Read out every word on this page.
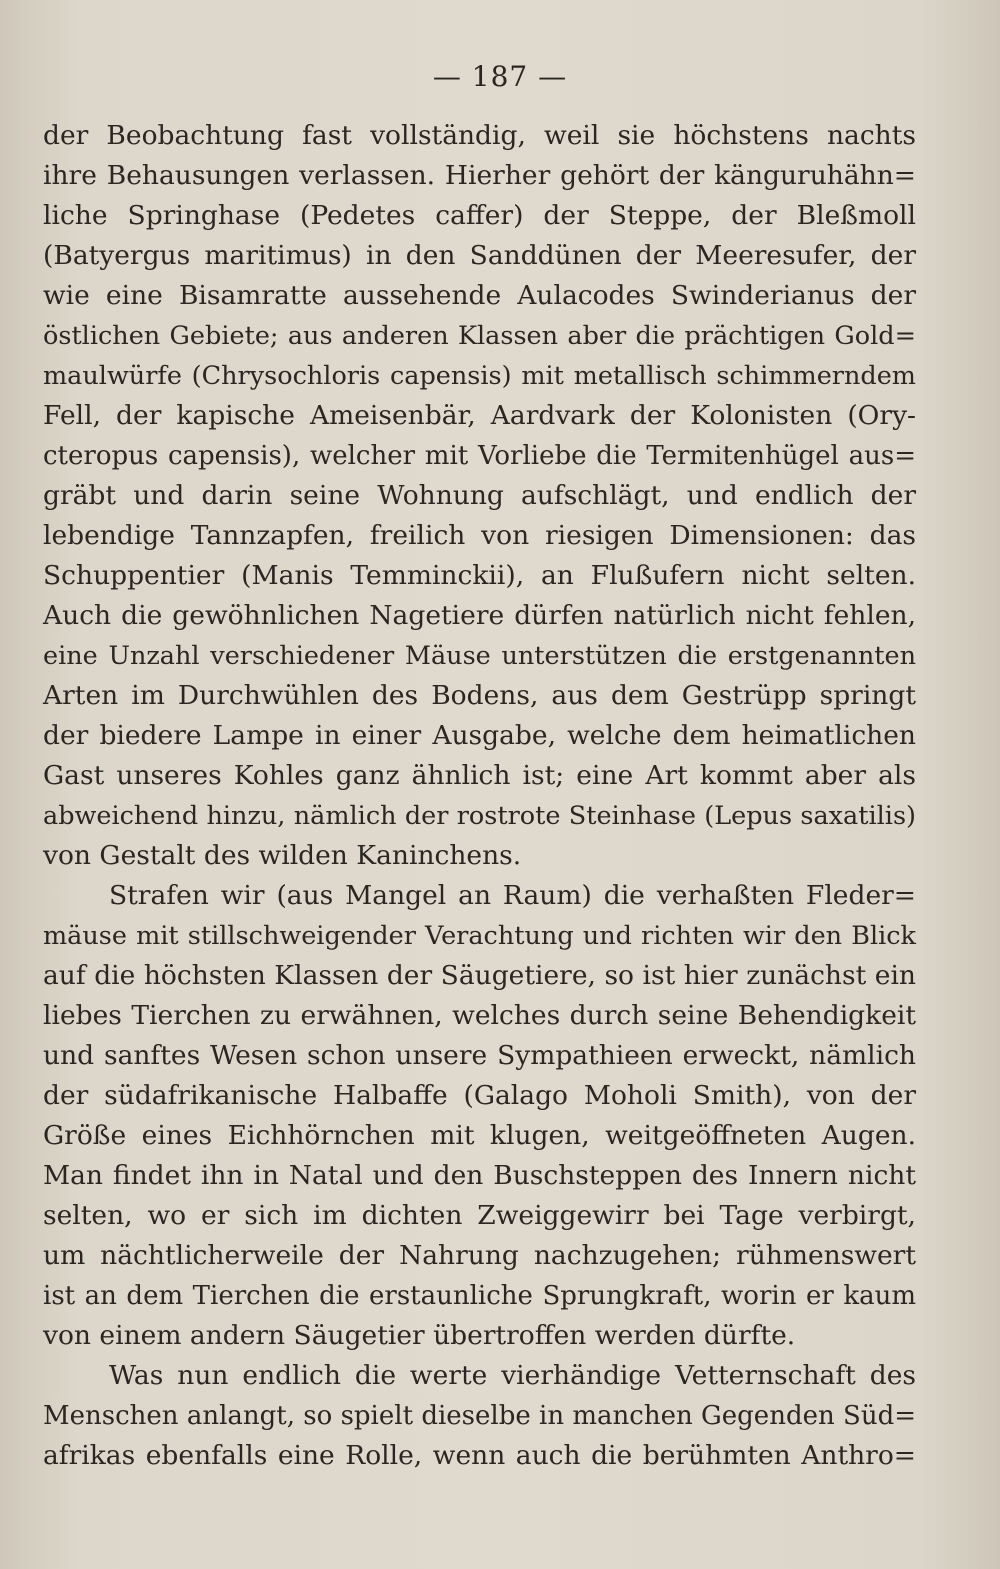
— 187 —
der Beobachtung fast vollständig, weil sie höchstens nachts
ihre Behausungen verlassen. Hierher gehört der känguruhähn=
liche Springhase (Pedetes caffer) der Steppe, der Bleßmoll
(Batyergus maritimus) in den Sanddünen der Meeresufer, der
wie eine Bisamratte aussehende Aulacodes Swinderianus der
östlichen Gebiete; aus anderen Klassen aber die prächtigen Gold=
maulwürfe (Chrysochloris capensis) mit metallisch schimmerndem
Fell, der kapische Ameisenbär, Aardvark der Kolonisten (Ory-
cteropus capensis), welcher mit Vorliebe die Termitenhügel aus=
gräbt und darin seine Wohnung aufschlägt, und endlich der
lebendige Tannzapfen, freilich von riesigen Dimensionen: das
Schuppentier (Manis Temminckii), an Flußufern nicht selten.
Auch die gewöhnlichen Nagetiere dürfen natürlich nicht fehlen,
eine Unzahl verschiedener Mäuse unterstützen die erstgenannten
Arten im Durchwühlen des Bodens, aus dem Gestrüpp springt
der biedere Lampe in einer Ausgabe, welche dem heimatlichen
Gast unseres Kohles ganz ähnlich ist; eine Art kommt aber als
abweichend hinzu, nämlich der rostrote Steinhase (Lepus saxatilis)
von Gestalt des wilden Kaninchens.
Strafen wir (aus Mangel an Raum) die verhaßten Fleder=
mäuse mit stillschweigender Verachtung und richten wir den Blick
auf die höchsten Klassen der Säugetiere, so ist hier zunächst ein
liebes Tierchen zu erwähnen, welches durch seine Behendigkeit
und sanftes Wesen schon unsere Sympathieen erweckt, nämlich
der südafrikanische Halbaffe (Galago Moholi Smith), von der
Größe eines Eichhörnchen mit klugen, weitgeöffneten Augen.
Man findet ihn in Natal und den Buschsteppen des Innern nicht
selten, wo er sich im dichten Zweiggewirr bei Tage verbirgt,
um nächtlicherweile der Nahrung nachzugehen; rühmenswert
ist an dem Tierchen die erstaunliche Sprungkraft, worin er kaum
von einem andern Säugetier übertroffen werden dürfte.
Was nun endlich die werte vierhändige Vetternschaft des
Menschen anlangt, so spielt dieselbe in manchen Gegenden Süd=
afrikas ebenfalls eine Rolle, wenn auch die berühmten Anthro=
